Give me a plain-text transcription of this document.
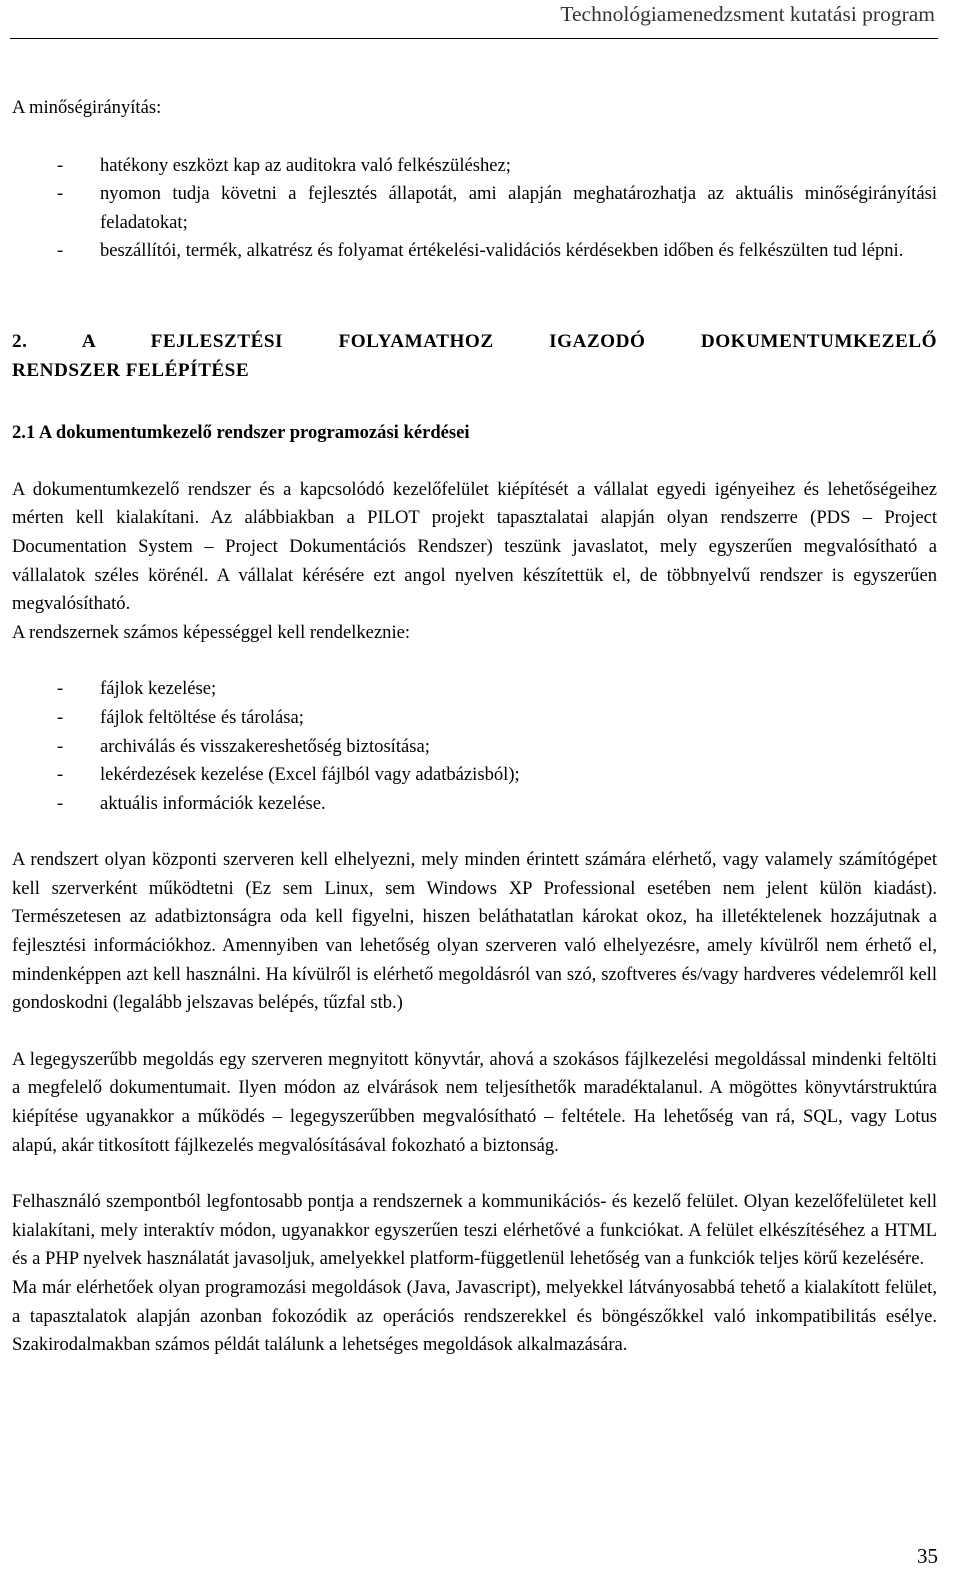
Technológiamenedzsment kutatási program

A minőségirányítás:

- hatékony eszközt kap az auditokra való felkészüléshez;
- nyomon tudja követni a fejlesztés állapotát, ami alapján meghatározhatja az aktuális minőségirányítási feladatokat;
- beszállítói, termék, alkatrész és folyamat értékelési-validációs kérdésekben időben és felkészülten tud lépni.
2. A FEJLESZTÉSI FOLYAMATHOZ IGAZODÓ DOKUMENTUMKEZELŐ
RENDSZER FELÉPÍTÉSE
2.1 A dokumentumkezelő rendszer programozási kérdései

A dokumentumkezelő rendszer és a kapcsolódó kezelőfelület kiépítését a vállalat egyedi igényeihez és lehetőségeihez mérten kell kialakítani. Az alábbiakban a PILOT projekt tapasztalatai alapján olyan rendszerre (PDS – Project Documentation System – Project Dokumentációs Rendszer) teszünk javaslatot, mely egyszerűen megvalósítható a vállalatok széles körénél. A vállalat kérésére ezt angol nyelven készítettük el, de többnyelvű rendszer is egyszerűen megvalósítható.

A rendszernek számos képességgel kell rendelkeznie:

- fájlok kezelése;
- fájlok feltöltése és tárolása;
- archiválás és visszakereshetőség biztosítása;
- lekérdezések kezelése (Excel fájlból vagy adatbázisból);
- aktuális információk kezelése.

A rendszert olyan központi szerveren kell elhelyezni, mely minden érintett számára elérhető, vagy valamely számítógépet kell szerverként működtetni (Ez sem Linux, sem Windows XP Professional esetében nem jelent külön kiadást). Természetesen az adatbiztonságra oda kell figyelni, hiszen beláthatatlan károkat okoz, ha illetéktelenek hozzájutnak a fejlesztési információkhoz. Amennyiben van lehetőség olyan szerveren való elhelyezésre, amely kívülről nem érhető el, mindenképpen azt kell használni. Ha kívülről is elérhető megoldásról van szó, szoftveres és/vagy hardveres védelemről kell gondoskodni (legalább jelszavas belépés, tűzfal stb.)

A legegyszerűbb megoldás egy szerveren megnyitott könyvtár, ahová a szokásos fájlkezelési megoldással mindenki feltölti a megfelelő dokumentumait. Ilyen módon az elvárások nem teljesíthetők maradéktalanul. A mögöttes könyvtárstruktúra kiépítése ugyanakkor a működés – legegyszerűbben megvalósítható – feltétele. Ha lehetőség van rá, SQL, vagy Lotus alapú, akár titkosított fájlkezelés megvalósításával fokozható a biztonság.

Felhasználó szempontból legfontosabb pontja a rendszernek a kommunikációs- és kezelő felület. Olyan kezelőfelületet kell kialakítani, mely interaktív módon, ugyanakkor egyszerűen teszi elérhetővé a funkciókat. A felület elkészítéséhez a HTML és a PHP nyelvek használatát javasoljuk, amelyekkel platform-függetlenül lehetőség van a funkciók teljes körű kezelésére.

Ma már elérhetőek olyan programozási megoldások (Java, Javascript), melyekkel látványosabbá tehető a kialakított felület, a tapasztalatok alapján azonban fokozódik az operációs rendszerekkel és böngészőkkel való inkompatibilitás esélye. Szakirodalmakban számos példát találunk a lehetséges megoldások alkalmazására.

35
